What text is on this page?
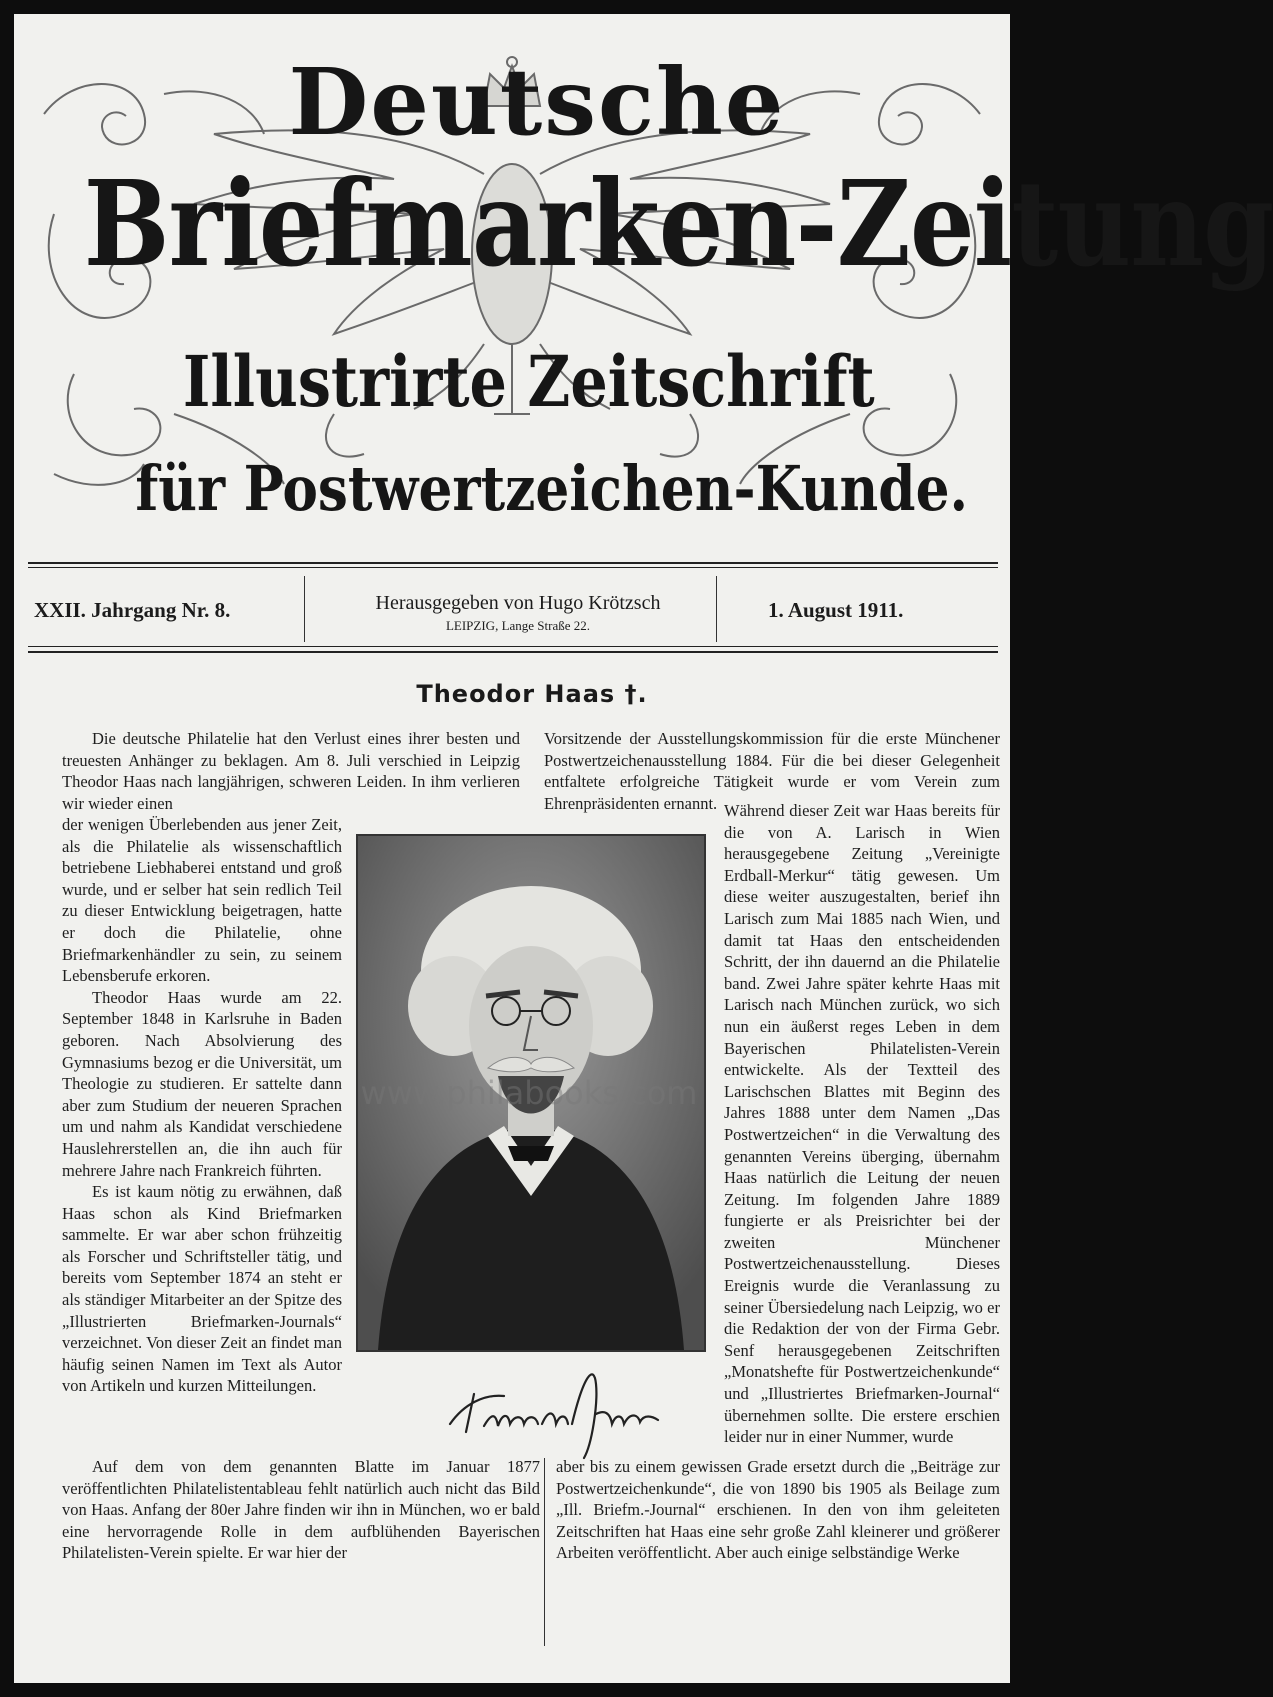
Deutsche
Briefmarken-Zeitung
Illustrirte Zeitschrift
für Postwertzeichen-Kunde.
XXII. Jahrgang Nr. 8.	Herausgegeben von Hugo Krötzsch
LEIPZIG, Lange Straße 22.
1. August 1911.
Theodor Haas †.

Die deutsche Philatelie hat den Verlust eines ihrer besten und treuesten Anhänger zu beklagen. Am 8. Juli verschied in Leipzig Theodor Haas nach langjährigen, schweren Leiden. In ihm verlieren wir wieder einen

Vorsitzende der Ausstellungskommission für die erste Münchener Postwertzeichenausstellung 1884. Für die bei dieser Gelegenheit entfaltete erfolgreiche Tätigkeit wurde er vom Verein zum Ehrenpräsidenten ernannt.

der wenigen Überlebenden aus jener Zeit, als die Philatelie als wissenschaftlich betriebene Liebhaberei entstand und groß wurde, und er selber hat sein redlich Teil zu dieser Entwicklung beigetragen, hatte er doch die Philatelie, ohne Briefmarkenhändler zu sein, zu seinem Lebensberufe erkoren.

Theodor Haas wurde am 22. September 1848 in Karlsruhe in Baden geboren. Nach Absolvierung des Gymnasiums bezog er die Universität, um Theologie zu studieren. Er sattelte dann aber zum Studium der neueren Sprachen um und nahm als Kandidat verschiedene Hauslehrerstellen an, die ihn auch für mehrere Jahre nach Frankreich führten.

Es ist kaum nötig zu erwähnen, daß Haas schon als Kind Briefmarken sammelte. Er war aber schon frühzeitig als Forscher und Schriftsteller tätig, und bereits vom September 1874 an steht er als ständiger Mitarbeiter an der Spitze des „Illustrierten Briefmarken-Journals“ verzeichnet. Von dieser Zeit an findet man häufig seinen Namen im Text als Autor von Artikeln und kurzen Mitteilungen.

www.philabooks.com

Während dieser Zeit war Haas bereits für die von A. Larisch in Wien herausgegebene Zeitung „Vereinigte Erdball-Merkur“ tätig gewesen. Um diese weiter auszugestalten, berief ihn Larisch zum Mai 1885 nach Wien, und damit tat Haas den entscheidenden Schritt, der ihn dauernd an die Philatelie band. Zwei Jahre später kehrte Haas mit Larisch nach München zurück, wo sich nun ein äußerst reges Leben in dem Bayerischen Philatelisten-Verein entwickelte. Als der Textteil des Larischschen Blattes mit Beginn des Jahres 1888 unter dem Namen „Das Postwertzeichen“ in die Verwaltung des genannten Vereins überging, übernahm Haas natürlich die Leitung der neuen Zeitung. Im folgenden Jahre 1889 fungierte er als Preisrichter bei der zweiten Münchener Postwertzeichenausstellung. Dieses Ereignis wurde die Veranlassung zu seiner Übersiedelung nach Leipzig, wo er die Redaktion der von der Firma Gebr. Senf herausgegebenen Zeitschriften „Monatshefte für Postwertzeichenkunde“ und „Illustriertes Briefmarken-Journal“ übernehmen sollte. Die erstere erschien leider nur in einer Nummer, wurde

Auf dem von dem genannten Blatte im Januar 1877 veröffentlichten Philatelistentableau fehlt natürlich auch nicht das Bild von Haas. Anfang der 80er Jahre finden wir ihn in München, wo er bald eine hervorragende Rolle in dem aufblühenden Bayerischen Philatelisten-Verein spielte. Er war hier der

aber bis zu einem gewissen Grade ersetzt durch die „Beiträge zur Postwertzeichenkunde“, die von 1890 bis 1905 als Beilage zum „Ill. Briefm.-Journal“ erschienen. In den von ihm geleiteten Zeitschriften hat Haas eine sehr große Zahl kleinerer und größerer Arbeiten veröffentlicht. Aber auch einige selbständige Werke
